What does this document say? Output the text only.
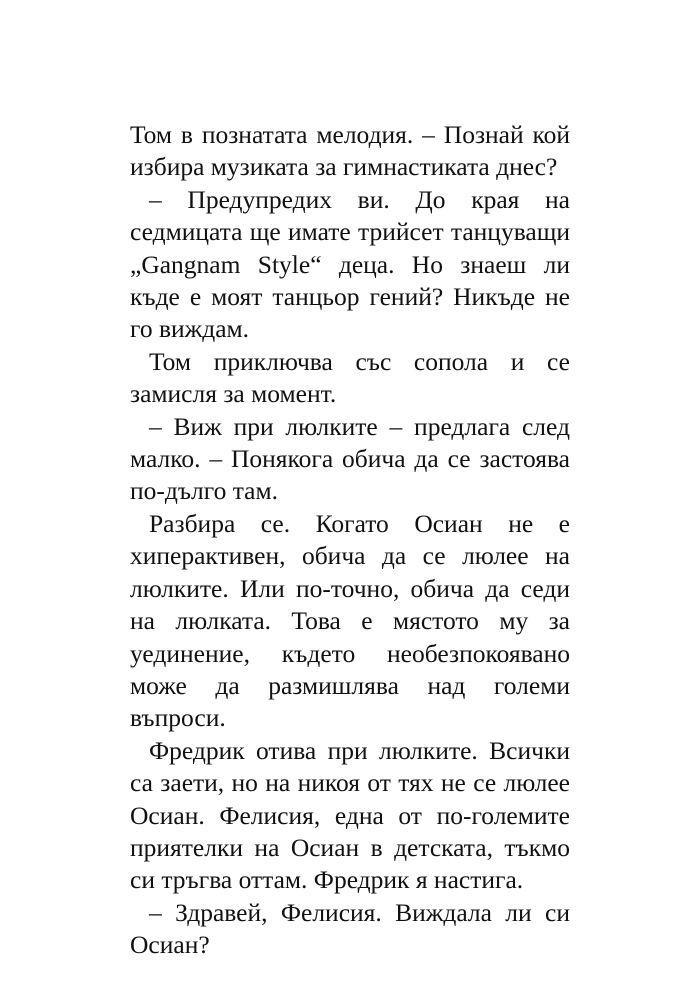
Том в познатата мелодия. – Познай кой избира музиката за гимнастиката днес?

– Предупредих ви. До края на седмицата ще имате трийсет танцуващи „Gangnam Style“ деца. Но знаеш ли къде е моят танцьор гений? Никъде не го виждам.

Том приключва със сопола и се замисля за момент.

– Виж при люлките – предлага след малко. – Понякога обича да се застоява по-дълго там.

Разбира се. Когато Осиан не е хиперактивен, обича да се люлее на люлките. Или по-точно, обича да седи на люлката. Това е мястото му за уединение, където необезпокоявано може да размишлява над големи въпроси.

Фредрик отива при люлките. Всички са заети, но на никоя от тях не се люлее Осиан. Фелисия, една от по-големите приятелки на Осиан в детската, тъкмо си тръгва оттам. Фредрик я настига.

– Здравей, Фелисия. Виждала ли си Осиан?
